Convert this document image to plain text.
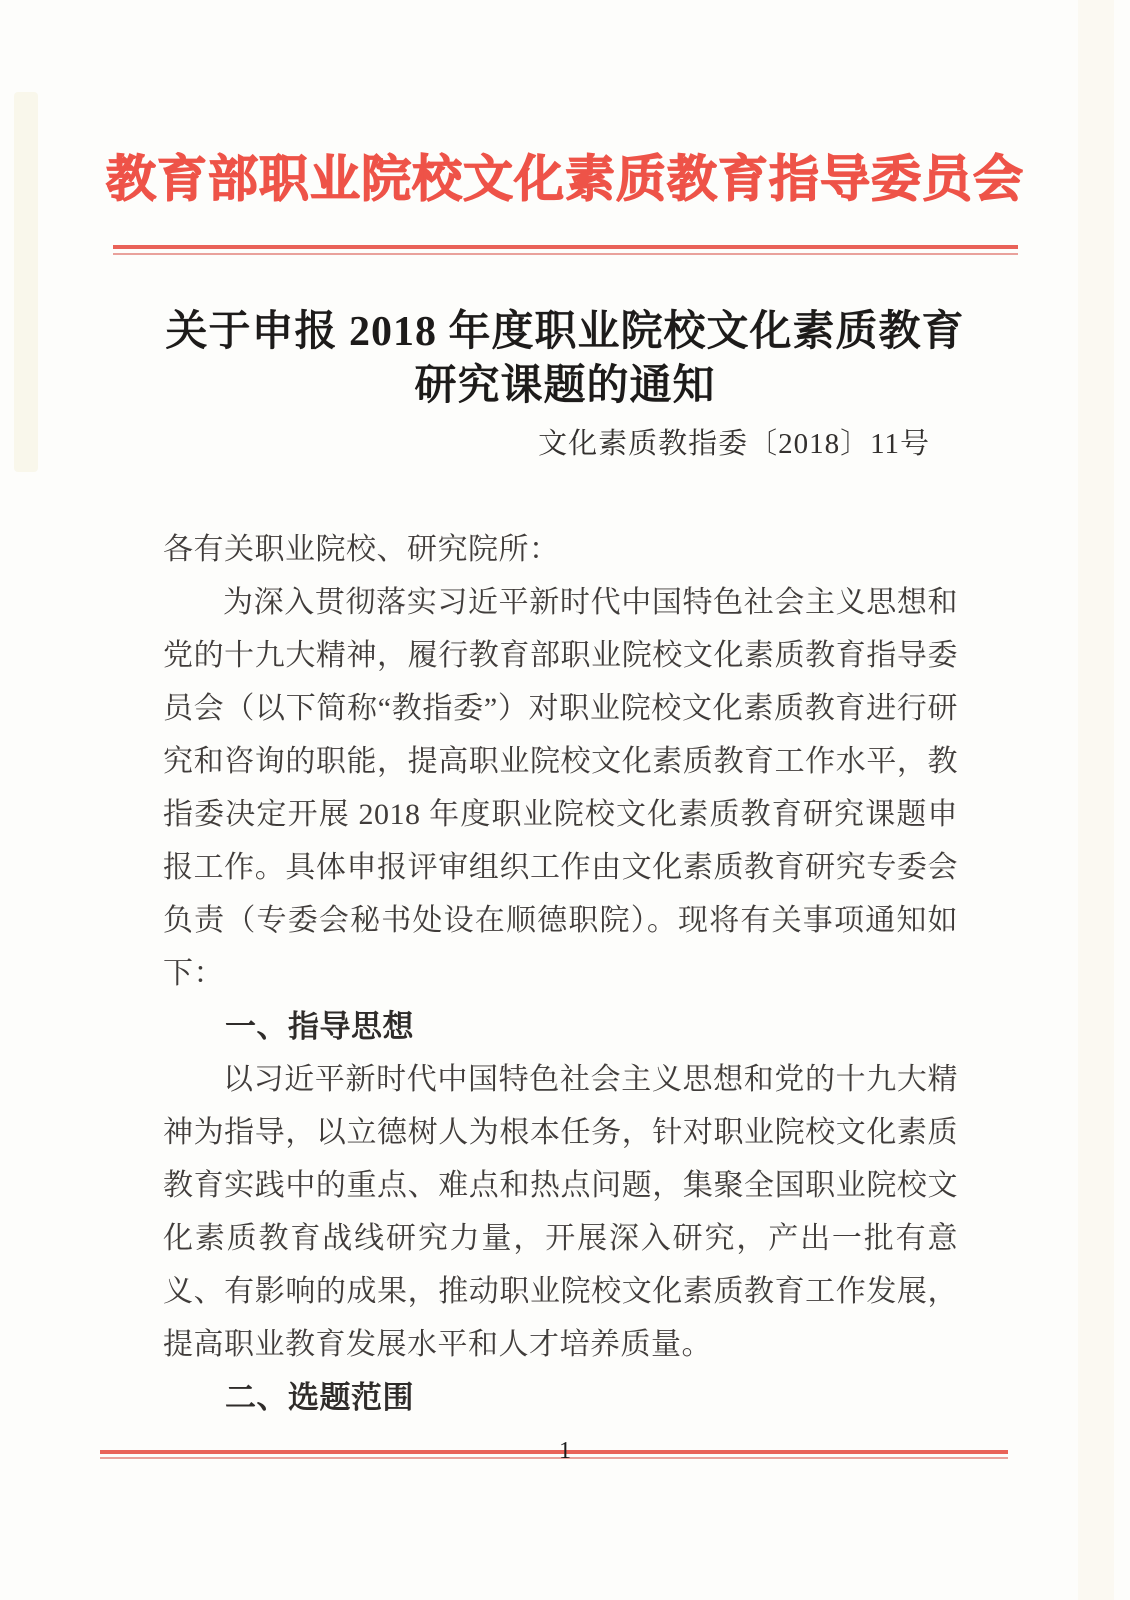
教育部职业院校文化素质教育指导委员会
关于申报 2018 年度职业院校文化素质教育
研究课题的通知
文化素质教指委〔2018〕11号

各有关职业院校、研究院所：

为深入贯彻落实习近平新时代中国特色社会主义思想和党的十九大精神，履行教育部职业院校文化素质教育指导委员会（以下简称“教指委”）对职业院校文化素质教育进行研究和咨询的职能，提高职业院校文化素质教育工作水平，教指委决定开展 2018 年度职业院校文化素质教育研究课题申报工作。具体申报评审组织工作由文化素质教育研究专委会负责（专委会秘书处设在顺德职院）。现将有关事项通知如下：

一、指导思想

以习近平新时代中国特色社会主义思想和党的十九大精神为指导，以立德树人为根本任务，针对职业院校文化素质教育实践中的重点、难点和热点问题，集聚全国职业院校文化素质教育战线研究力量，开展深入研究，产出一批有意义、有影响的成果，推动职业院校文化素质教育工作发展，提高职业教育发展水平和人才培养质量。

二、选题范围
1
